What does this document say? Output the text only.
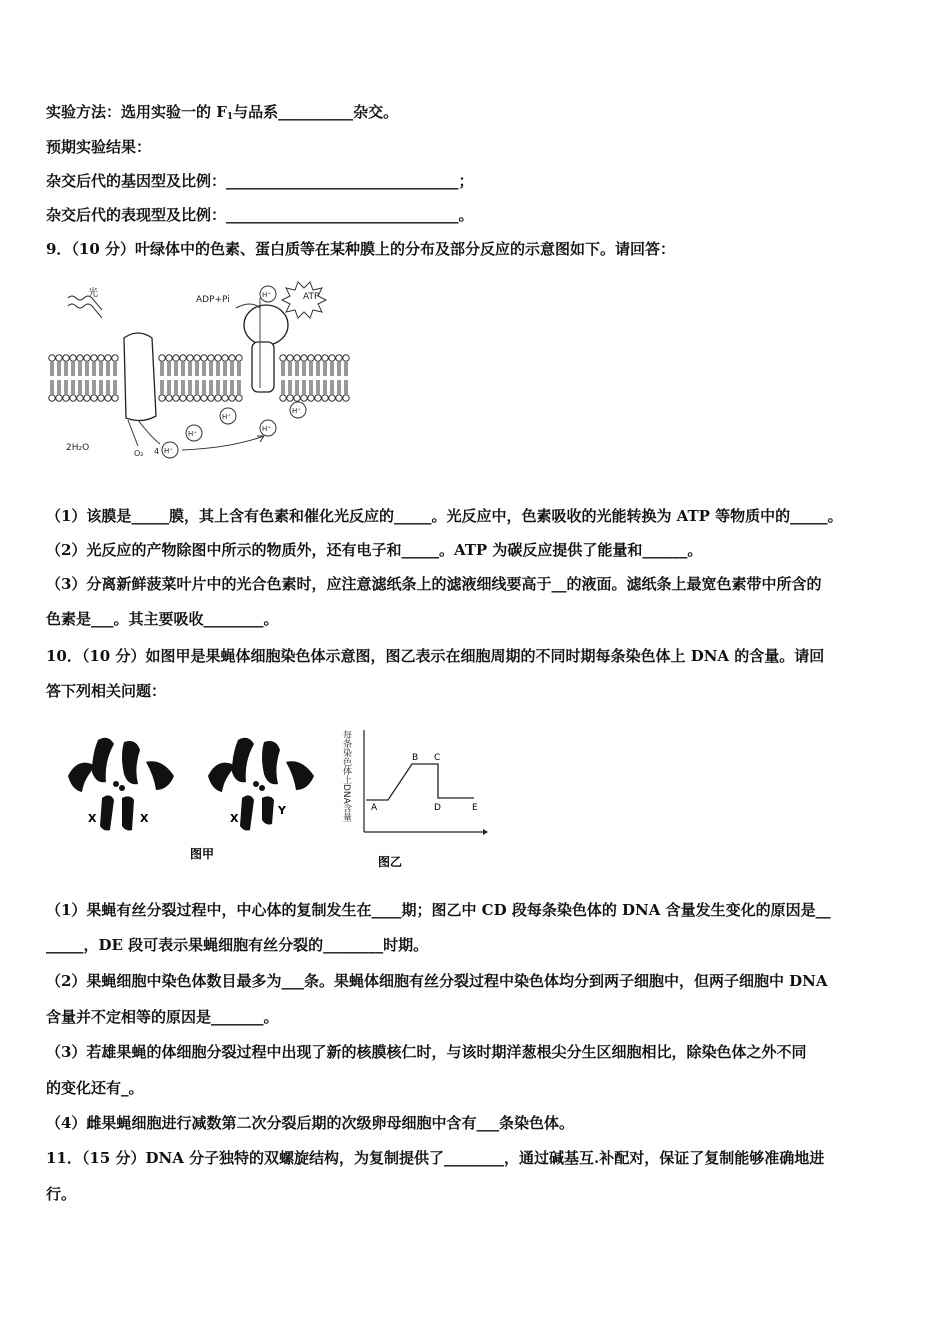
实验方法：选用实验一的 $F_1$与品系__________杂交。
预期实验结果：
杂交后代的基因型及比例：_______________________________；
杂交后代的表现型及比例：_______________________________。
9．（10 分）叶绿体中的色素、蛋白质等在某种膜上的分布及部分反应的示意图如下。请回答：
光
ADP+Pi	H⁺	ATP
H⁺
H⁺
H⁺
H⁺
H⁺
2H₂O
O₂ 4
（1）该膜是_____膜，其上含有色素和催化光反应的_____。光反应中，色素吸收的光能转换为 ATP 等物质中的_____。
（2）光反应的产物除图中所示的物质外，还有电子和_____。ATP 为碳反应提供了能量和______。
（3）分离新鲜菠菜叶片中的光合色素时，应注意滤纸条上的滤液细线要高于__的液面。滤纸条上最宽色素带中所含的
色素是___。其主要吸收________。
10．（10 分）如图甲是果蝇体细胞染色体示意图，图乙表示在细胞周期的不同时期每条染色体上 DNA 的含量。请回
答下列相关问题：
X	X	X
Y
图甲
每条染色体上DNA含量 A
B C
D	E
图乙
（1）果蝇有丝分裂过程中，中心体的复制发生在____期；图乙中 CD 段每条染色体的 DNA 含量发生变化的原因是__
_____，DE 段可表示果蝇细胞有丝分裂的________时期。
（2）果蝇细胞中染色体数目最多为___条。果蝇体细胞有丝分裂过程中染色体均分到两子细胞中，但两子细胞中 DNA
含量并不定相等的原因是_______。
（3）若雄果蝇的体细胞分裂过程中出现了新的核膜核仁时，与该时期洋葱根尖分生区细胞相比，除染色体之外不同
的变化还有_。
（4）雌果蝇细胞进行减数第二次分裂后期的次级卵母细胞中含有___条染色体。
11．（15 分）DNA 分子独特的双螺旋结构，为复制提供了________，通过碱基互.补配对，保证了复制能够准确地进
行。
